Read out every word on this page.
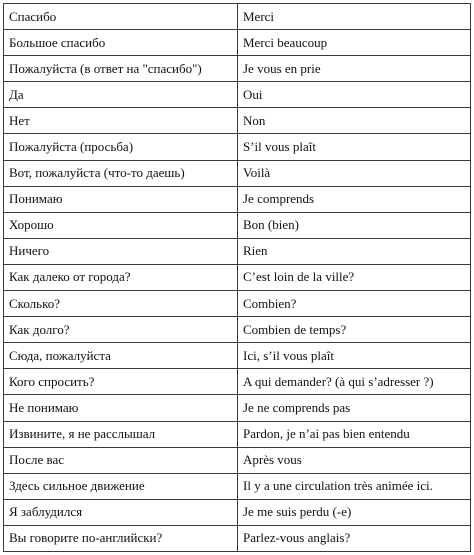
Спасибо	Merci
Большое спасибо	Merci beaucoup
Пожалуйста (в ответ на "спасибо")	Je vous en prie
Да	Oui
Нет	Non
Пожалуйста (просьба)	S’il vous plaît
Вот, пожалуйста (что-то даешь)	Voilà
Понимаю	Je comprends
Хорошо	Bon (bien)
Ничего	Rien
Как далеко от города?	C’est loin de la ville?
Сколько?	Combien?
Как долго?	Combien de temps?
Сюда, пожалуйста	Ici, s’il vous plaît
Кого спросить?	A qui demander? (à qui s’adresser ?)
Не понимаю	Je ne comprends pas
Извините, я не расслышал	Pardon, je n’ai pas bien entendu
После вас	Après vous
Здесь сильное движение	Il y a une circulation très animée ici.
Я заблудился	Je me suis perdu (-e)
Вы говорите по-английски?	Parlez-vous anglais?
